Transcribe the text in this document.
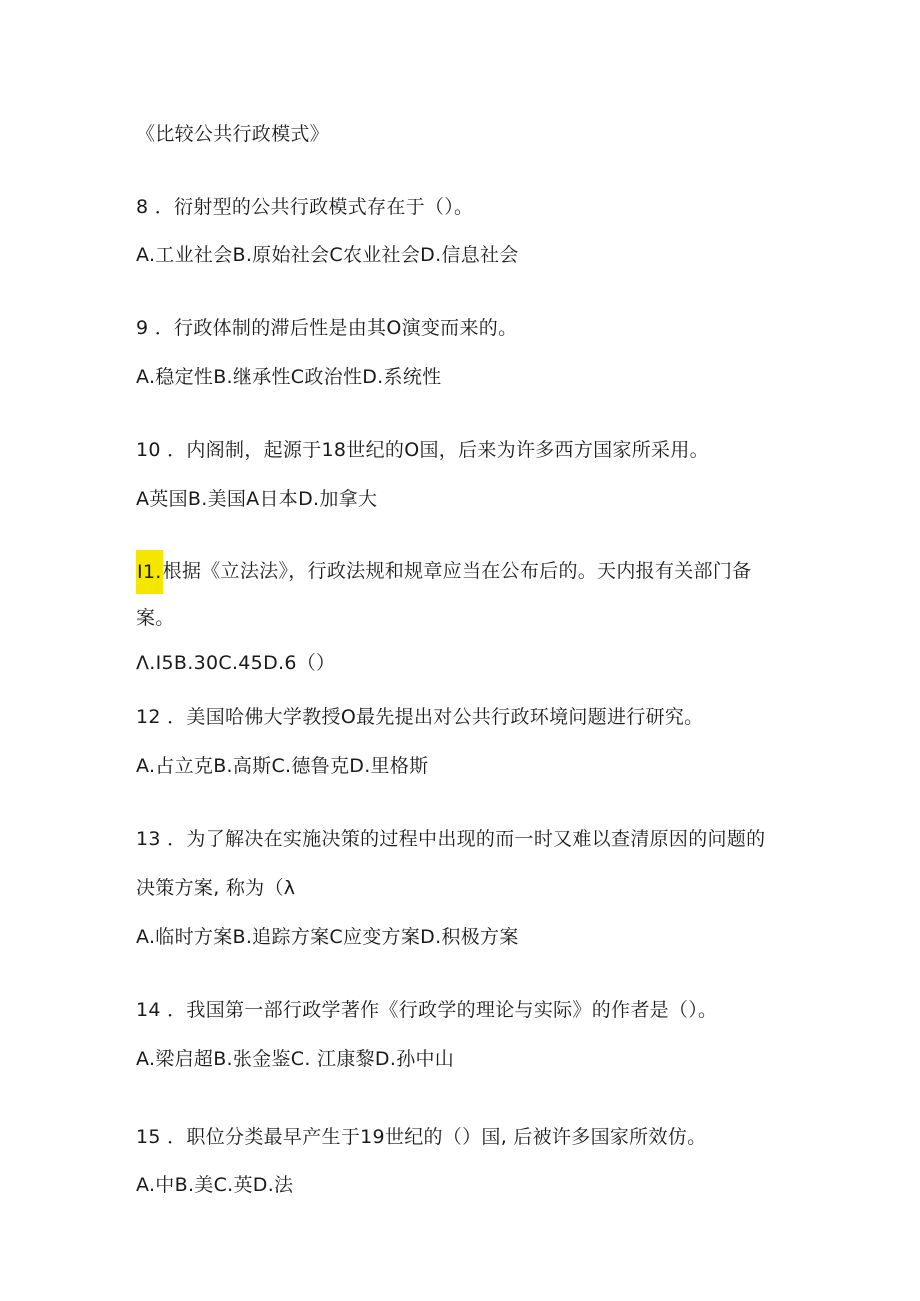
《比较公共行政模式》
8 ．衍射型的公共行政模式存在于（）。
A.工业社会B.原始社会C农业社会D.信息社会
9 ．行政体制的滞后性是由其O演变而来的。
A.稳定性B.继承性C政治性D.系统性
10 ．内阁制，起源于18世纪的O国，后来为许多西方国家所采用。
A英国B.美国A日本D.加拿大
I1.根据《立法法》，行政法规和规章应当在公布后的。天内报有关部门备
案。
Λ.I5B.30C.45D.6（）
12 ．美国哈佛大学教授O最先提出对公共行政环境问题进行研究。
A.占立克B.高斯C.德鲁克D.里格斯
13 ．为了解决在实施决策的过程中出现的而一时又难以查清原因的问题的
决策方案, 称为（λ
A.临时方案B.追踪方案C应变方案D.积极方案
14 ．我国第一部行政学著作《行政学的理论与实际》的作者是（）。
A.梁启超B.张金鉴C. 江康黎D.孙中山
15 ．职位分类最早产生于19世纪的（）国, 后被许多国家所效仿。
A.中B.美C.英D.法
